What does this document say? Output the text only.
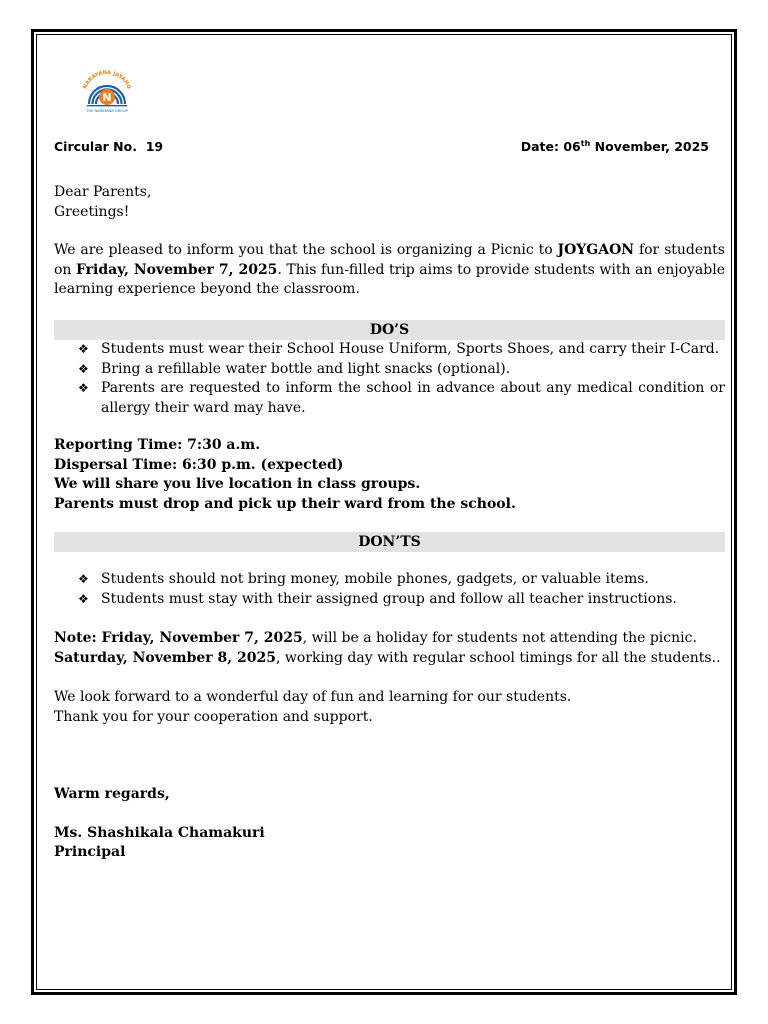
NARAYANA JAYAHO
N
THE NARAYANA GROUP
Circular No. 19	Date: 06th November, 2025

Dear Parents,

Greetings!

We are pleased to inform you that the school is organizing a Picnic to JOYGAON for students on Friday, November 7, 2025. This fun-filled trip aims to provide students with an enjoyable learning experience beyond the classroom.

DO’S
❖ Students must wear their School House Uniform, Sports Shoes, and carry their I-Card.
❖ Bring a refillable water bottle and light snacks (optional).
❖ Parents are requested to inform the school in advance about any medical condition or allergy their ward may have.

Reporting Time: 7:30 a.m.

Dispersal Time: 6:30 p.m. (expected)

We will share you live location in class groups.

Parents must drop and pick up their ward from the school.

DON’TS
❖ Students should not bring money, mobile phones, gadgets, or valuable items.
❖ Students must stay with their assigned group and follow all teacher instructions.

Note: Friday, November 7, 2025, will be a holiday for students not attending the picnic.

Saturday, November 8, 2025, working day with regular school timings for all the students..

We look forward to a wonderful day of fun and learning for our students.

Thank you for your cooperation and support.

Warm regards,

Ms. Shashikala Chamakuri

Principal
